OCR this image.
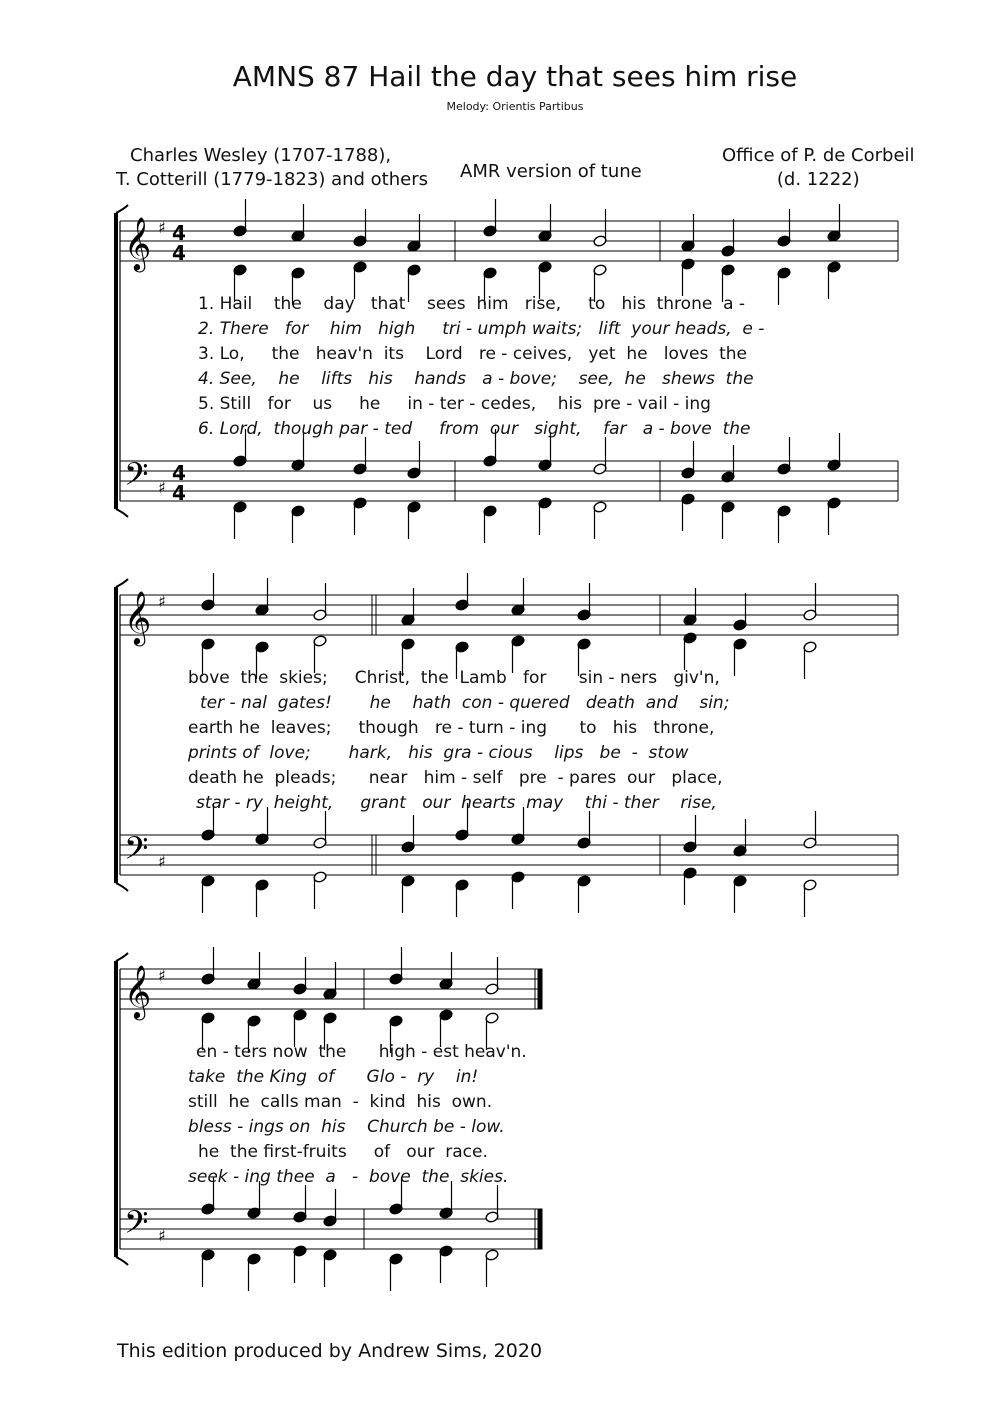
AMNS 87 Hail the day that sees him rise
Melody: Orientis Partibus
Charles Wesley (1707-1788),
T. Cotterill (1779-1823) and others AMR version of tune
Office of P. de Corbeil
(d. 1222)
𝄞
𝄢
♯
♯
4
4
4
4
𝄞
𝄢
♯
♯
𝄞
𝄢
♯
♯
1. Hail    the    day   that    sees  him   rise,     to   his  throne  a -
2. There   for    him   high     tri - umph waits;   lift  your heads,  e -
3. Lo,     the   heav'n  its    Lord   re - ceives,   yet  he   loves  the
4. See,    he    lifts   his    hands   a - bove;    see,  he   shews  the
5. Still   for    us     he     in - ter - cedes,    his  pre - vail - ing
6. Lord,  though par - ted     from  our   sight,    far   a - bove  the
bove  the  skies;     Christ,  the  Lamb   for      sin - ners   giv'n,
ter - nal  gates!       he    hath  con - quered   death  and    sin;
earth he  leaves;     though   re - turn - ing      to   his   throne,
prints of  love;       hark,   his  gra - cious    lips   be  -  stow
death he  pleads;      near   him - self   pre  - pares  our   place,
star - ry  height,     grant   our  hearts  may    thi - ther    rise,
en - ters now  the      high - est heav'n.
take  the King  of      Glo -  ry    in!
still  he  calls man  -  kind  his  own.
bless - ings on  his    Church be - low.
he  the first-fruits     of   our  race.
seek - ing thee  a   -  bove  the  skies.
This edition produced by Andrew Sims, 2020
